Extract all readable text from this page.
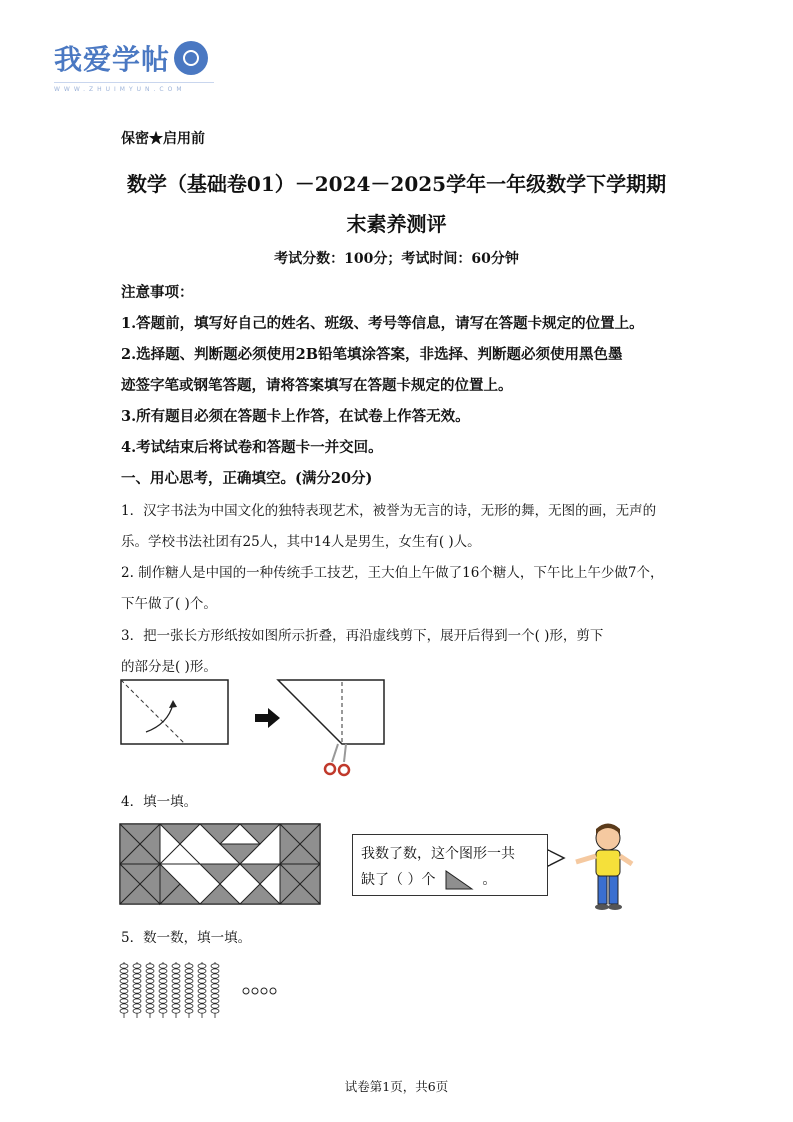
我爱学帖
WWW.ZHUIMYUN.COM
保密★启用前
数学（基础卷01）－2024－2025学年一年级数学下学期期
末素养测评
考试分数：100分；考试时间：60分钟
注意事项：
1.答题前，填写好自己的姓名、班级、考号等信息，请写在答题卡规定的位置上。
2.选择题、判断题必须使用2B铅笔填涂答案，非选择、判断题必须使用黑色墨
迹签字笔或钢笔答题，请将答案填写在答题卡规定的位置上。
3.所有题目必须在答题卡上作答，在试卷上作答无效。
4.考试结束后将试卷和答题卡一并交回。
一、用心思考，正确填空。(满分20分)
1．汉字书法为中国文化的独特表现艺术，被誉为无言的诗，无形的舞，无图的画，无声的
乐。学校书法社团有25人，其中14人是男生，女生有( )人。
2. 制作糖人是中国的一种传统手工技艺，王大伯上午做了16个糖人，下午比上午少做7个，
下午做了( )个。
3．把一张长方形纸按如图所示折叠，再沿虚线剪下，展开后得到一个( )形，剪下
的部分是( )形。
4．填一填。
我数了数，这个图形一共
缺了（ ）个	。
5．数一数，填一填。
试卷第1页，共6页
